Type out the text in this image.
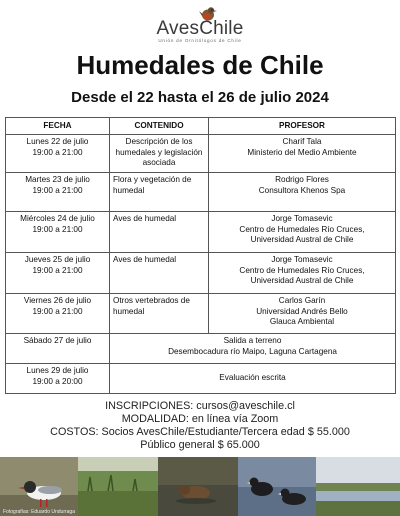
AvesChile
Unión de Ornitólogos de Chile
Humedales de Chile
Desde el 22 hasta el 26 de julio 2024
FECHA	CONTENIDO	PROFESOR

Lunes 22 de julio
19:00 a 21:00	Descripción de los humedales y legislación asociada	Charif Tala
Ministerio del Medio Ambiente

Martes 23 de julio
19:00 a 21:00	Flora y vegetación de humedal	Rodrigo Flores
Consultora Khenos Spa

Miércoles 24 de julio
19:00 a 21:00	Aves de humedal	Jorge Tomasevic
Centro de Humedales Río Cruces,
Universidad Austral de Chile

Jueves 25 de julio
19:00 a 21:00	Aves de humedal	Jorge Tomasevic
Centro de Humedales Río Cruces,
Universidad Austral de Chile

Viernes 26 de julio
19:00 a 21:00	Otros vertebrados de humedal	Carlos Garín
Universidad Andrés Bello
Glauca Ambiental

Sábado 27 de julio	Salida a terreno
Desembocadura río Maipo, Laguna Cartagena	

Lunes 29 de julio
19:00 a 20:00	Evaluación escrita	
INSCRIPCIONES: cursos@aveschile.cl
MODALIDAD: en línea vía Zoom
COSTOS: Socios AvesChile/Estudiante/Tercera edad $ 55.000
Público general $ 65.000
Fotografías: Eduardo Undurraga
